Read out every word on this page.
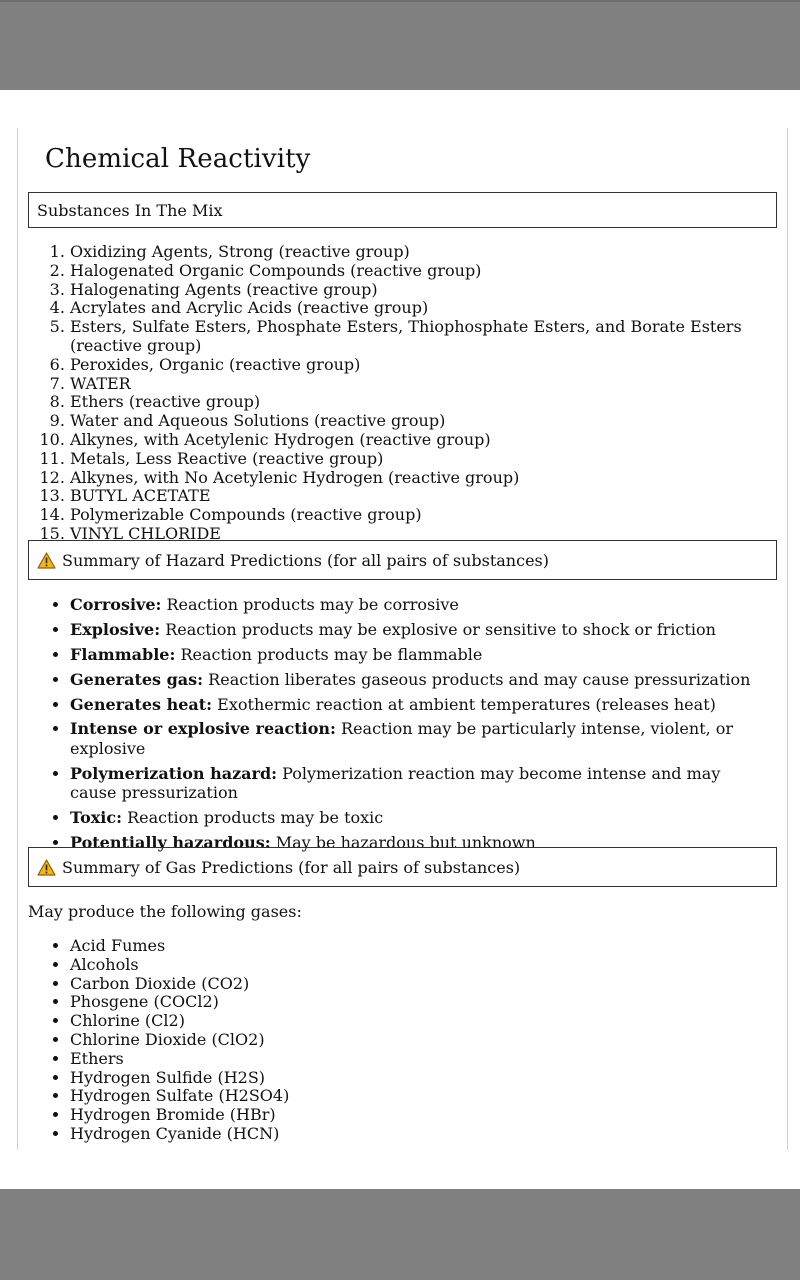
Chemical Reactivity
Substances In The Mix
1. Oxidizing Agents, Strong (reactive group)
2. Halogenated Organic Compounds (reactive group)
3. Halogenating Agents (reactive group)
4. Acrylates and Acrylic Acids (reactive group)
5. Esters, Sulfate Esters, Phosphate Esters, Thiophosphate Esters, and Borate Esters (reactive group)
6. Peroxides, Organic (reactive group)
7. WATER
8. Ethers (reactive group)
9. Water and Aqueous Solutions (reactive group)
10. Alkynes, with Acetylenic Hydrogen (reactive group)
11. Metals, Less Reactive (reactive group)
12. Alkynes, with No Acetylenic Hydrogen (reactive group)
13. BUTYL ACETATE
14. Polymerizable Compounds (reactive group)
15. VINYL CHLORIDE
Summary of Hazard Predictions (for all pairs of substances)
• Corrosive: Reaction products may be corrosive
• Explosive: Reaction products may be explosive or sensitive to shock or friction
• Flammable: Reaction products may be flammable
• Generates gas: Reaction liberates gaseous products and may cause pressurization
• Generates heat: Exothermic reaction at ambient temperatures (releases heat)
• Intense or explosive reaction: Reaction may be particularly intense, violent, or explosive
• Polymerization hazard: Polymerization reaction may become intense and may cause pressurization
• Toxic: Reaction products may be toxic
• Potentially hazardous: May be hazardous but unknown
Summary of Gas Predictions (for all pairs of substances)

May produce the following gases:

• Acid Fumes
• Alcohols
• Carbon Dioxide (CO2)
• Phosgene (COCl2)
• Chlorine (Cl2)
• Chlorine Dioxide (ClO2)
• Ethers
• Hydrogen Sulfide (H2S)
• Hydrogen Sulfate (H2SO4)
• Hydrogen Bromide (HBr)
• Hydrogen Cyanide (HCN)
